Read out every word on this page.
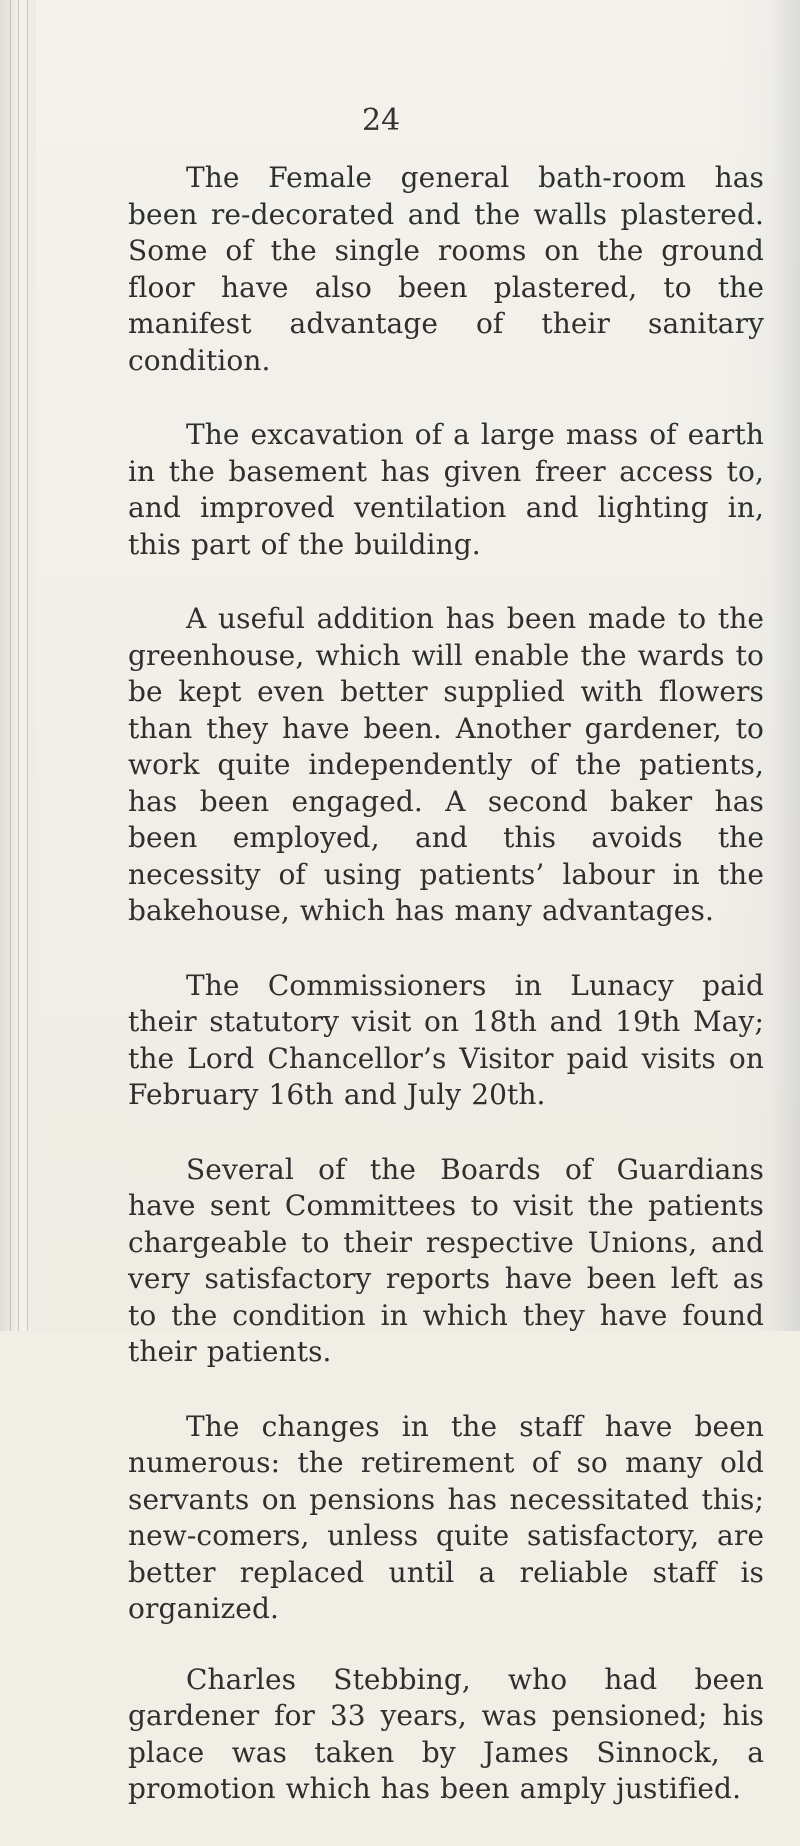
24

The Female general bath-room has been re-decorated and the walls plastered. Some of the single rooms on the ground floor have also been plastered, to the manifest advantage of their sanitary condition.

The excavation of a large mass of earth in the basement has given freer access to, and improved ventilation and lighting in, this part of the building.

A useful addition has been made to the greenhouse, which will enable the wards to be kept even better supplied with flowers than they have been. Another gardener, to work quite independently of the patients, has been engaged. A second baker has been employed, and this avoids the necessity of using patients’ labour in the bakehouse, which has many advantages.

The Commissioners in Lunacy paid their statutory visit on 18th and 19th May; the Lord Chancellor’s Visitor paid visits on February 16th and July 20th.

Several of the Boards of Guardians have sent Committees to visit the patients chargeable to their respective Unions, and very satisfactory reports have been left as to the condition in which they have found their patients.

The changes in the staff have been numerous: the retirement of so many old servants on pensions has necessitated this; new-comers, unless quite satisfactory, are better replaced until a reliable staff is organized.

Charles Stebbing, who had been gardener for 33 years, was pensioned; his place was taken by James Sinnock, a promotion which has been amply justified.
